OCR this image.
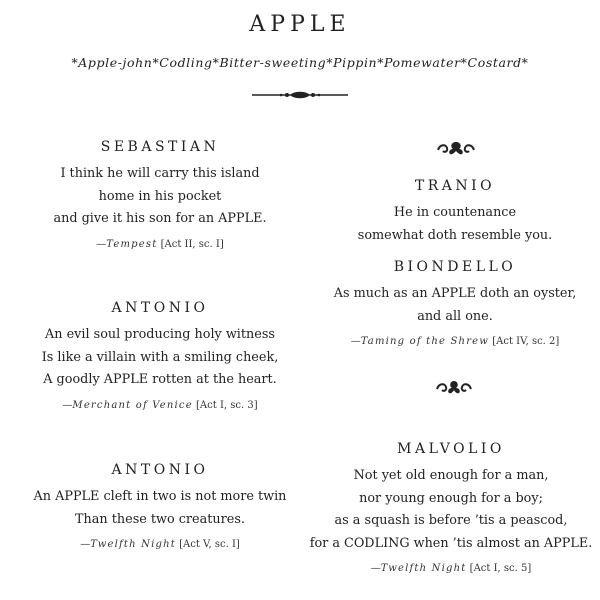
APPLE
*Apple-john*Codling*Bitter-sweeting*Pippin*Pomewater*Costard*
SEBASTIAN
I think he will carry this island
home in his pocket
and give it his son for an APPLE.
—Tempest [Act II, sc. I]
ANTONIO
An evil soul producing holy witness
Is like a villain with a smiling cheek,
A goodly APPLE rotten at the heart.
—Merchant of Venice [Act I, sc. 3]
ANTONIO
An APPLE cleft in two is not more twin
Than these two creatures.
—Twelfth Night [Act V, sc. I]
TRANIO
He in countenance
somewhat doth resemble you.
BIONDELLO
As much as an APPLE doth an oyster,
and all one.
—Taming of the Shrew [Act IV, sc. 2]
MALVOLIO
Not yet old enough for a man,
nor young enough for a boy;
as a squash is before ’tis a peascod,
for a CODLING when ’tis almost an APPLE.
—Twelfth Night [Act I, sc. 5]
